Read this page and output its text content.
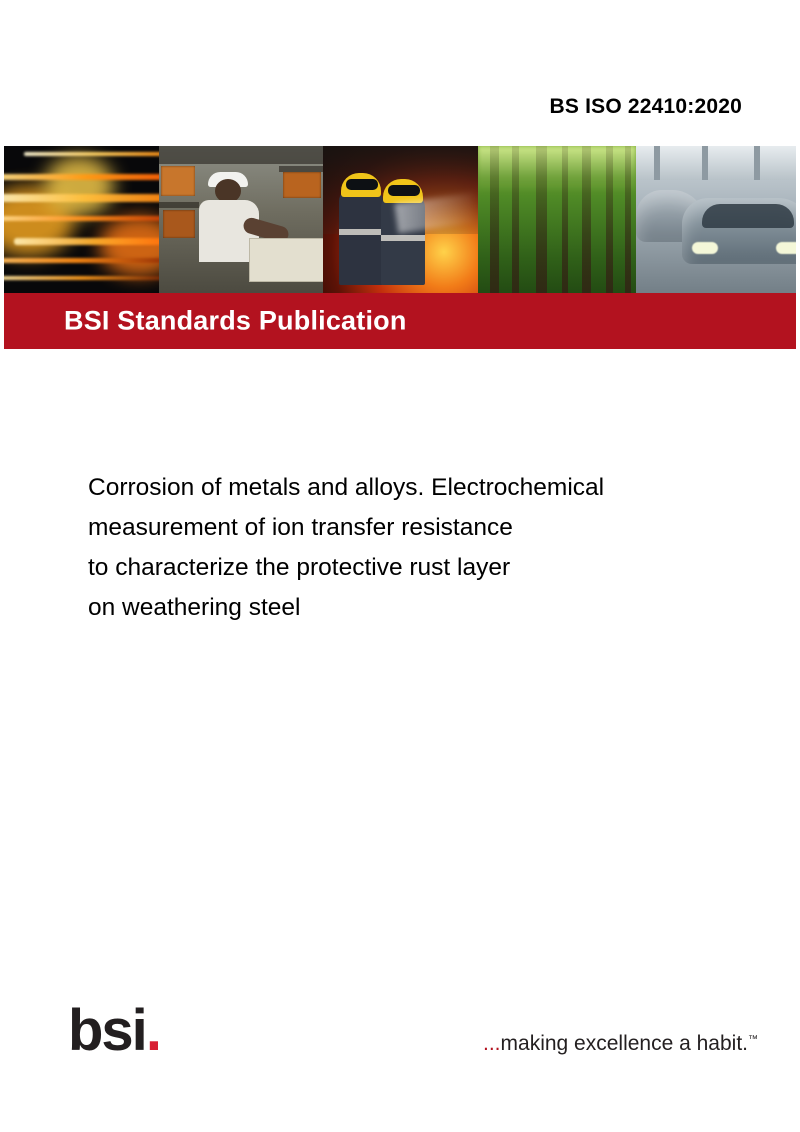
BS ISO 22410:2020
BSI Standards Publication
Corrosion of metals and alloys. Electrochemical
measurement of ion transfer resistance
to characterize the protective rust layer
on weathering steel
bsi.	...making excellence a habit.™
